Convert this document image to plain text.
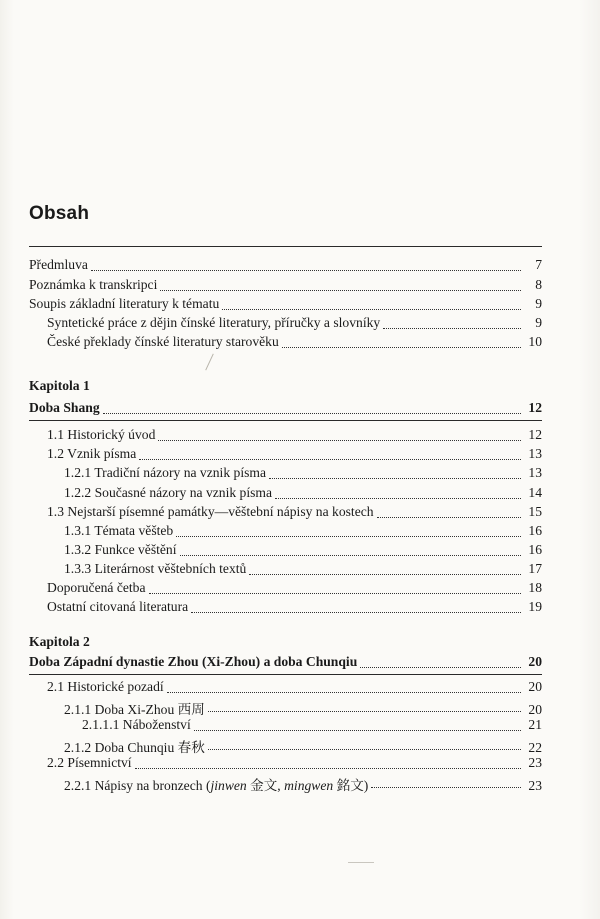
Obsah
Předmluva	7
Poznámka k transkripci	8
Soupis základní literatury k tématu	9
Syntetické práce z dějin čínské literatury, příručky a slovníky	9
České překlady čínské literatury starověku	10
Kapitola 1
Doba Shang	12
1.1 Historický úvod	12
1.2 Vznik písma	13
1.2.1 Tradiční názory na vznik písma	13
1.2.2 Současné názory na vznik písma	14
1.3 Nejstarší písemné památky—věštební nápisy na kostech	15
1.3.1 Témata věšteb	16
1.3.2 Funkce věštění	16
1.3.3 Literárnost věštebních textů	17
Doporučená četba	18
Ostatní citovaná literatura	19
Kapitola 2
Doba Západní dynastie Zhou (Xi-Zhou) a doba Chunqiu	20
2.1 Historické pozadí	20
2.1.1 Doba Xi-Zhou 西周	20
2.1.1.1 Náboženství	21
2.1.2 Doba Chunqiu 春秋	22
2.2 Písemnictví	23
2.2.1 Nápisy na bronzech (jinwen 金文, mingwen 銘文)	23
